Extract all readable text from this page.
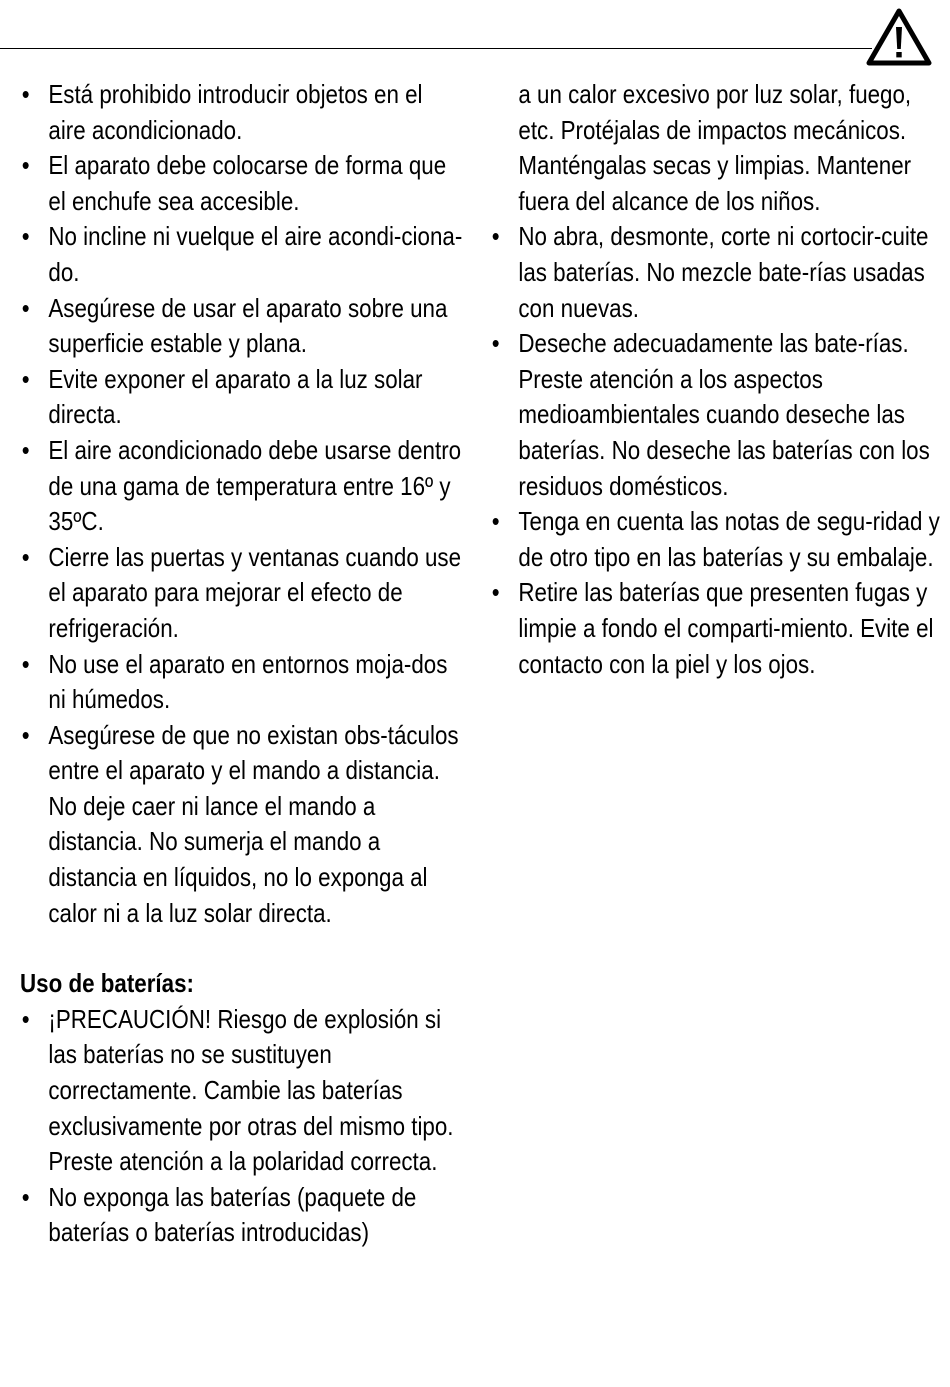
• Está prohibido introducir objetos en el aire acondicionado.
• El aparato debe colocarse de forma que el enchufe sea accesible.
• No incline ni vuelque el aire acondi-ciona-do.
• Asegúrese de usar el aparato sobre una superficie estable y plana.
• Evite exponer el aparato a la luz solar directa.
• El aire acondicionado debe usarse dentro de una gama de temperatura entre 16º y 35ºC.
• Cierre las puertas y ventanas cuando use el aparato para mejorar el efecto de refrigeración.
• No use el aparato en entornos moja-dos ni húmedos.
• Asegúrese de que no existan obs-táculos entre el aparato y el mando a distancia. No deje caer ni lance el mando a distancia. No sumerja el mando a distancia en líquidos, no lo exponga al calor ni a la luz solar directa.
Uso de baterías:
• ¡PRECAUCIÓN! Riesgo de explosión si las baterías no se sustituyen correctamente. Cambie las baterías exclusivamente por otras del mismo tipo. Preste atención a la polaridad correcta.
• No exponga las baterías (paquete de baterías o baterías introducidas)

a un calor excesivo por luz solar, fuego, etc. Protéjalas de impactos mecánicos. Manténgalas secas y limpias. Mantener fuera del alcance de los niños.

• No abra, desmonte, corte ni cortocir-cuite las baterías. No mezcle bate-rías usadas con nuevas.
• Deseche adecuadamente las bate-rías. Preste atención a los aspectos medioambientales cuando deseche las baterías. No deseche las baterías con los residuos domésticos.
• Tenga en cuenta las notas de segu-ridad y de otro tipo en las baterías y su embalaje.
• Retire las baterías que presenten fugas y limpie a fondo el comparti-miento. Evite el contacto con la piel y los ojos.
